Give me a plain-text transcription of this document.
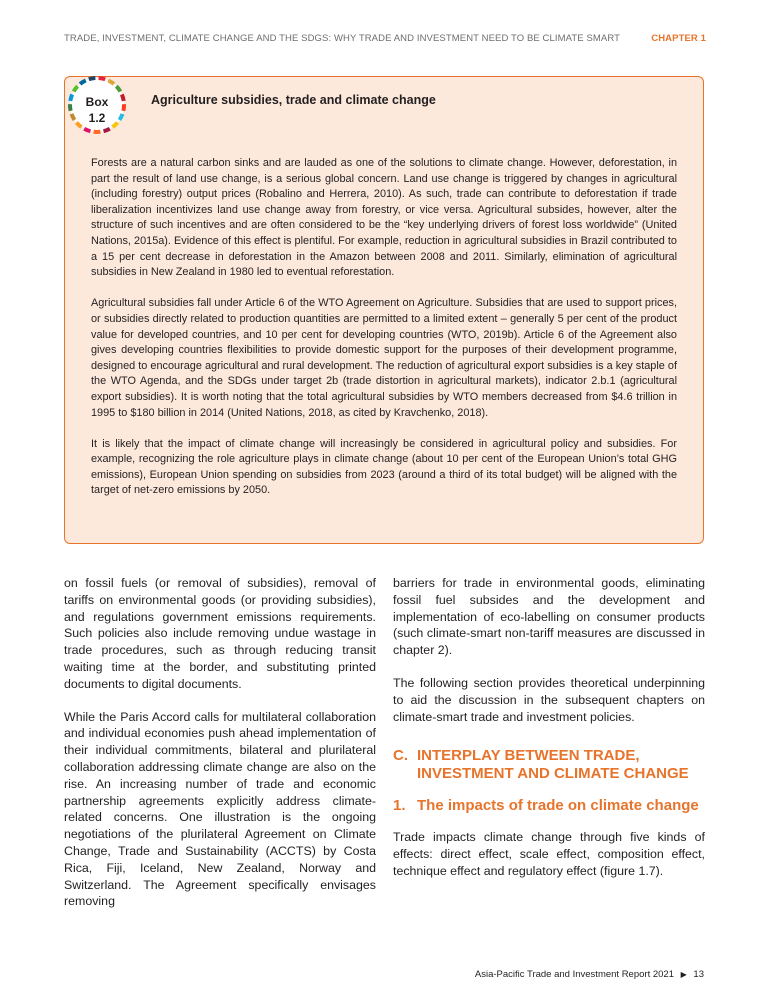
TRADE, INVESTMENT, CLIMATE CHANGE AND THE SDGS: WHY TRADE AND INVESTMENT NEED TO BE CLIMATE SMART	CHAPTER 1
Box
1.2
Agriculture subsidies, trade and climate change

Forests are a natural carbon sinks and are lauded as one of the solutions to climate change. However, deforestation, in part the result of land use change, is a serious global concern. Land use change is triggered by changes in agricultural (including forestry) output prices (Robalino and Herrera, 2010). As such, trade can contribute to deforestation if trade liberalization incentivizes land use change away from forestry, or vice versa. Agricultural subsides, however, alter the structure of such incentives and are often considered to be the “key underlying drivers of forest loss worldwide” (United Nations, 2015a). Evidence of this effect is plentiful. For example, reduction in agricultural subsidies in Brazil contributed to a 15 per cent decrease in deforestation in the Amazon between 2008 and 2011. Similarly, elimination of agricultural subsidies in New Zealand in 1980 led to eventual reforestation.

Agricultural subsidies fall under Article 6 of the WTO Agreement on Agriculture. Subsidies that are used to support prices, or subsidies directly related to production quantities are permitted to a limited extent – generally 5 per cent of the product value for developed countries, and 10 per cent for developing countries (WTO, 2019b). Article 6 of the Agreement also gives developing countries flexibilities to provide domestic support for the purposes of their development programme, designed to encourage agricultural and rural development. The reduction of agricultural export subsidies is a key staple of the WTO Agenda, and the SDGs under target 2b (trade distortion in agricultural markets), indicator 2.b.1 (agricultural export subsidies). It is worth noting that the total agricultural subsidies by WTO members decreased from $4.6 trillion in 1995 to $180 billion in 2014 (United Nations, 2018, as cited by Kravchenko, 2018).

It is likely that the impact of climate change will increasingly be considered in agricultural policy and subsidies. For example, recognizing the role agriculture plays in climate change (about 10 per cent of the European Union’s total GHG emissions), European Union spending on subsidies from 2023 (around a third of its total budget) will be aligned with the target of net-zero emissions by 2050.

on fossil fuels (or removal of subsidies), removal of tariffs on environmental goods (or providing subsidies), and regulations government emissions requirements. Such policies also include removing undue wastage in trade procedures, such as through reducing transit waiting time at the border, and substituting printed documents to digital documents.

While the Paris Accord calls for multilateral collaboration and individual economies push ahead implementation of their individual commitments, bilateral and plurilateral collaboration addressing climate change are also on the rise. An increasing number of trade and economic partnership agreements explicitly address climate-related concerns. One illustration is the ongoing negotiations of the plurilateral Agreement on Climate Change, Trade and Sustainability (ACCTS) by Costa Rica, Fiji, Iceland, New Zealand, Norway and Switzerland. The Agreement specifically envisages removing

barriers for trade in environmental goods, eliminating fossil fuel subsides and the development and implementation of eco-labelling on consumer products (such climate-smart non-tariff measures are discussed in chapter 2).

The following section provides theoretical underpinning to aid the discussion in the subsequent chapters on climate-smart trade and investment policies.

C. INTERPLAY BETWEEN TRADE, INVESTMENT AND CLIMATE CHANGE
1. The impacts of trade on climate change

Trade impacts climate change through five kinds of effects: direct effect, scale effect, composition effect, technique effect and regulatory effect (figure 1.7).

Asia-Pacific Trade and Investment Report 2021 ▶ 13
